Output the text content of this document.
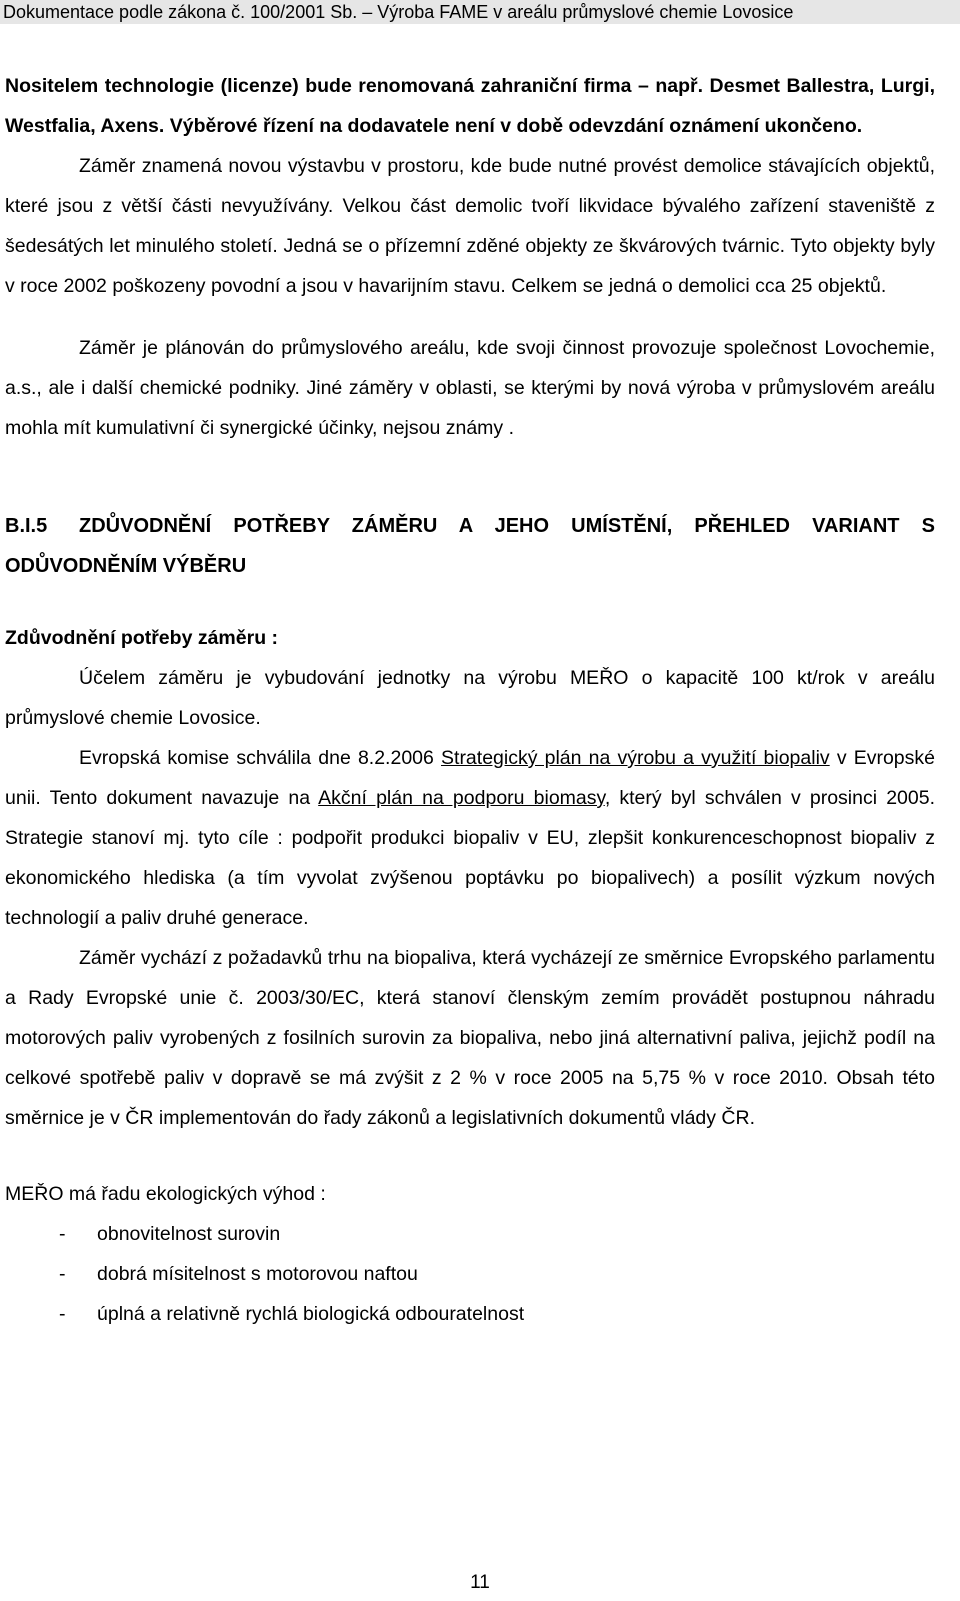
Dokumentace podle zákona č. 100/2001 Sb. – Výroba FAME v areálu průmyslové chemie Lovosice

Nositelem technologie (licenze) bude renomovaná zahraniční firma – např. Desmet Ballestra, Lurgi, Westfalia, Axens. Výběrové řízení na dodavatele není v době odevzdání oznámení ukončeno.

Záměr znamená novou výstavbu v prostoru, kde bude nutné provést demolice stávajících objektů, které jsou z větší části nevyužívány. Velkou část demolic tvoří likvidace bývalého zařízení staveniště z šedesátých let minulého století. Jedná se o přízemní zděné objekty ze škvárových tvárnic. Tyto objekty byly v roce 2002 poškozeny povodní a jsou v havarijním stavu. Celkem se jedná o demolici cca 25 objektů.

Záměr je plánován do průmyslového areálu, kde svoji činnost provozuje společnost Lovochemie, a.s., ale i další chemické podniky. Jiné záměry v oblasti, se kterými by nová výroba v průmyslovém areálu mohla mít kumulativní či synergické účinky, nejsou známy .

B.I.5 ZDŮVODNĚNÍ POTŘEBY ZÁMĚRU A JEHO UMÍSTĚNÍ, PŘEHLED VARIANT S ODŮVODNĚNÍM VÝBĚRU

Zdůvodnění potřeby záměru :

Účelem záměru je vybudování jednotky na výrobu MEŘO o kapacitě 100 kt/rok v areálu průmyslové chemie Lovosice.

Evropská komise schválila dne 8.2.2006 Strategický plán na výrobu a využití biopaliv v Evropské unii. Tento dokument navazuje na Akční plán na podporu biomasy, který byl schválen v prosinci 2005. Strategie stanoví mj. tyto cíle : podpořit produkci biopaliv v EU, zlepšit konkurenceschopnost biopaliv z ekonomického hlediska (a tím vyvolat zvýšenou poptávku po biopalivech) a posílit výzkum nových technologií a paliv druhé generace.

Záměr vychází z požadavků trhu na biopaliva, která vycházejí ze směrnice Evropského parlamentu a Rady Evropské unie č. 2003/30/EC, která stanoví členským zemím provádět postupnou náhradu motorových paliv vyrobených z fosilních surovin za biopaliva, nebo jiná alternativní paliva, jejichž podíl na celkové spotřebě paliv v dopravě se má zvýšit z 2 % v roce 2005 na 5,75 % v roce 2010. Obsah této směrnice je v ČR implementován do řady zákonů a legislativních dokumentů vlády ČR.

MEŘO má řadu ekologických výhod :

- obnovitelnost surovin
- dobrá mísitelnost s motorovou naftou
- úplná a relativně rychlá biologická odbouratelnost
11
